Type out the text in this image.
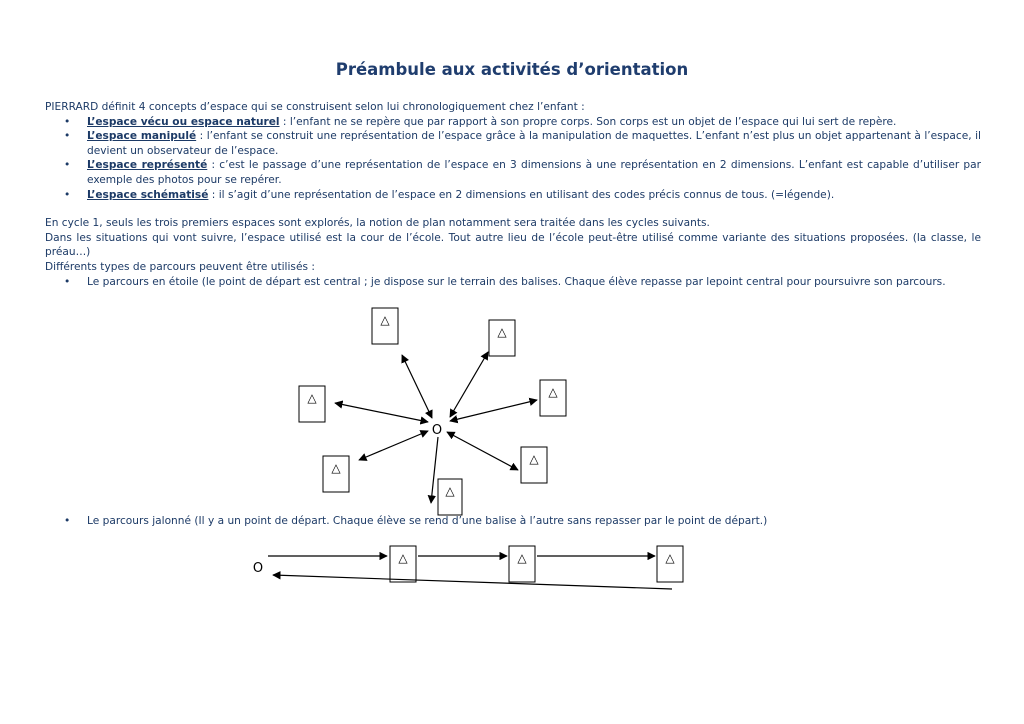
Préambule aux activités d’orientation

PIERRARD définit 4 concepts d’espace qui se construisent selon lui chronologiquement chez l’enfant :

• L’espace vécu ou espace naturel : l’enfant ne se repère que par rapport à son propre corps. Son corps est un objet de l’espace qui lui sert de repère.
• L’espace manipulé : l’enfant se construit une représentation de l’espace grâce à la manipulation de maquettes. L’enfant n’est plus un objet appartenant à l’espace, il devient un observateur de l’espace.
• L’espace représenté : c’est le passage d’une représentation de l’espace en 3 dimensions à une représentation en 2 dimensions. L’enfant est capable d’utiliser par exemple des photos pour se repérer.
• L’espace schématisé : il s’agit d’une représentation de l’espace en 2 dimensions en utilisant des codes précis connus de tous. (=légende).

En cycle 1, seuls les trois premiers espaces sont explorés, la notion de plan notamment sera traitée dans les cycles suivants.

Dans les situations qui vont suivre, l’espace utilisé est la cour de l’école. Tout autre lieu de l’école peut-être utilisé comme variante des situations proposées. (la classe, le préau…)

Différents types de parcours peuvent être utilisés :

• Le parcours en étoile (le point de départ est central ; je dispose sur le terrain des balises. Chaque élève repasse par lepoint central pour poursuivre son parcours.
• Le parcours jalonné (Il y a un point de départ. Chaque élève se rend d’une balise à l’autre sans repasser par le point de départ.)
O
△
△
△
△
△
△
△
O
△	△	△
